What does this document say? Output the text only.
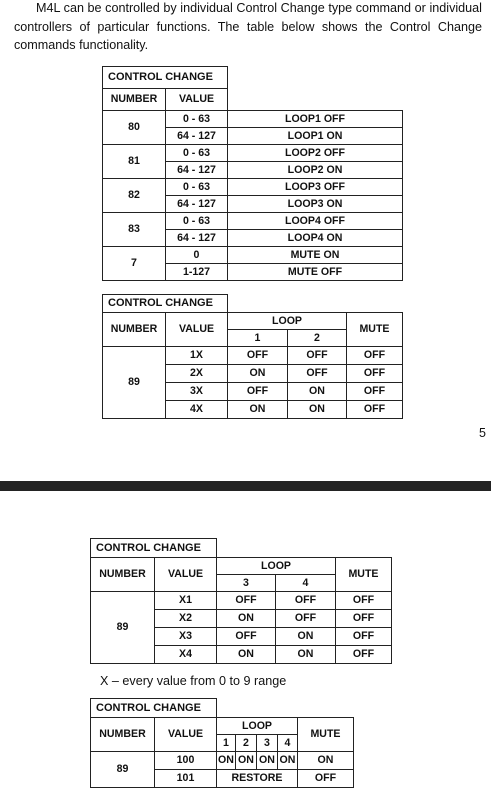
M4L can be controlled by individual Control Change type command or individual controllers of particular functions. The table below shows the Control Change commands functionality.

CONTROL CHANGE		
NUMBER	VALUE	
80	0 - 63	LOOP1 OFF
	64 - 127	LOOP1 ON
81	0 - 63	LOOP2 OFF
	64 - 127	LOOP2 ON
82	0 - 63	LOOP3 OFF
	64 - 127	LOOP3 ON
83	0 - 63	LOOP4 OFF
	64 - 127	LOOP4 ON
7	0	MUTE ON
	1-127	MUTE OFF
CONTROL CHANGE				
NUMBER	VALUE	LOOP		MUTE
		1	2	
89	1X	OFF	OFF	OFF
	2X	ON	OFF	OFF
	3X	OFF	ON	OFF
	4X	ON	ON	OFF
5
CONTROL CHANGE				
NUMBER	VALUE	LOOP		MUTE
		3	4	
89	X1	OFF	OFF	OFF
	X2	ON	OFF	OFF
	X3	OFF	ON	OFF
	X4	ON	ON	OFF
X – every value from 0 to 9 range
CONTROL CHANGE						
NUMBER	VALUE	LOOP				MUTE
		1	2	3	4	
89	100	ON	ON	ON	ON	ON
	101	RESTORE				OFF
